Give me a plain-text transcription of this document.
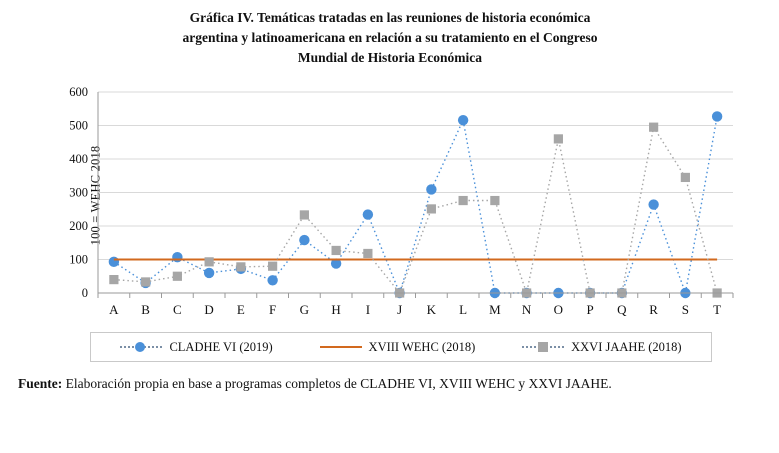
Gráfica IV. Temáticas tratadas en las reuniones de historia económica
argentina y latinoamericana en relación a su tratamiento en el Congreso
Mundial de Historia Económica
100 = WEHC 2018
0
100
200
300
400
500
600
A B C D E F G H I J K L M N O P Q R S T
CLADHE VI (2019)	XVIII WEHC (2018)	XXVI JAAHE (2018)
Fuente: Elaboración propia en base a programas completos de CLADHE VI, XVIII WEHC y XXVI JAAHE.
